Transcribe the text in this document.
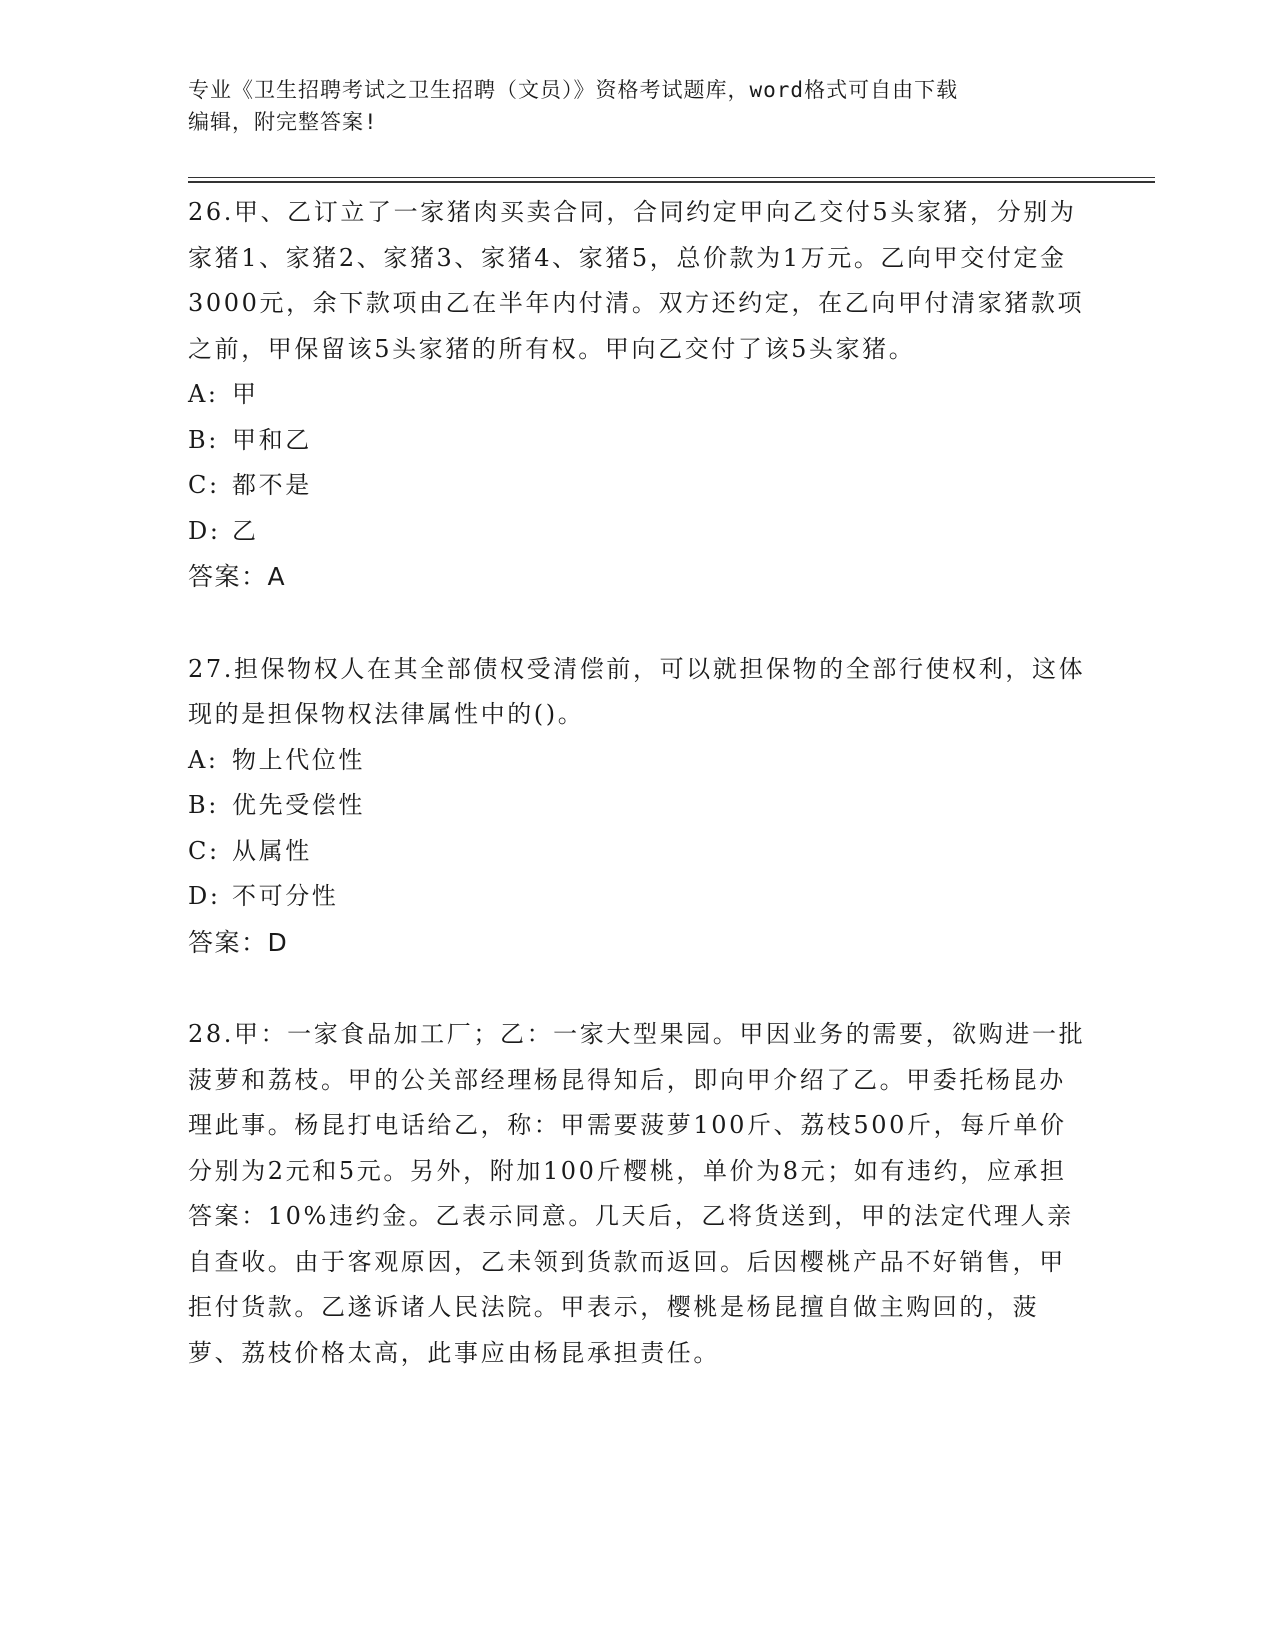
专业《卫生招聘考试之卫生招聘（文员）》资格考试题库，word格式可自由下载
编辑，附完整答案!

26.甲、乙订立了一家猪肉买卖合同，合同约定甲向乙交付5头家猪，分别为家猪1、家猪2、家猪3、家猪4、家猪5，总价款为1万元。乙向甲交付定金3000元，余下款项由乙在半年内付清。双方还约定，在乙向甲付清家猪款项之前，甲保留该5头家猪的所有权。甲向乙交付了该5头家猪。

A: 甲

B: 甲和乙

C: 都不是

D: 乙

答案：A

27.担保物权人在其全部债权受清偿前，可以就担保物的全部行使权利，这体现的是担保物权法律属性中的()。

A: 物上代位性

B: 优先受偿性

C: 从属性

D: 不可分性

答案：D

28.甲：一家食品加工厂；乙：一家大型果园。甲因业务的需要，欲购进一批菠萝和荔枝。甲的公关部经理杨昆得知后，即向甲介绍了乙。甲委托杨昆办理此事。杨昆打电话给乙，称：甲需要菠萝100斤、荔枝500斤，每斤单价分别为2元和5元。另外，附加100斤樱桃，单价为8元；如有违约，应承担答案：10%违约金。乙表示同意。几天后，乙将货送到，甲的法定代理人亲自查收。由于客观原因，乙未领到货款而返回。后因樱桃产品不好销售，甲拒付货款。乙遂诉诸人民法院。甲表示，樱桃是杨昆擅自做主购回的，菠萝、荔枝价格太高，此事应由杨昆承担责任。
